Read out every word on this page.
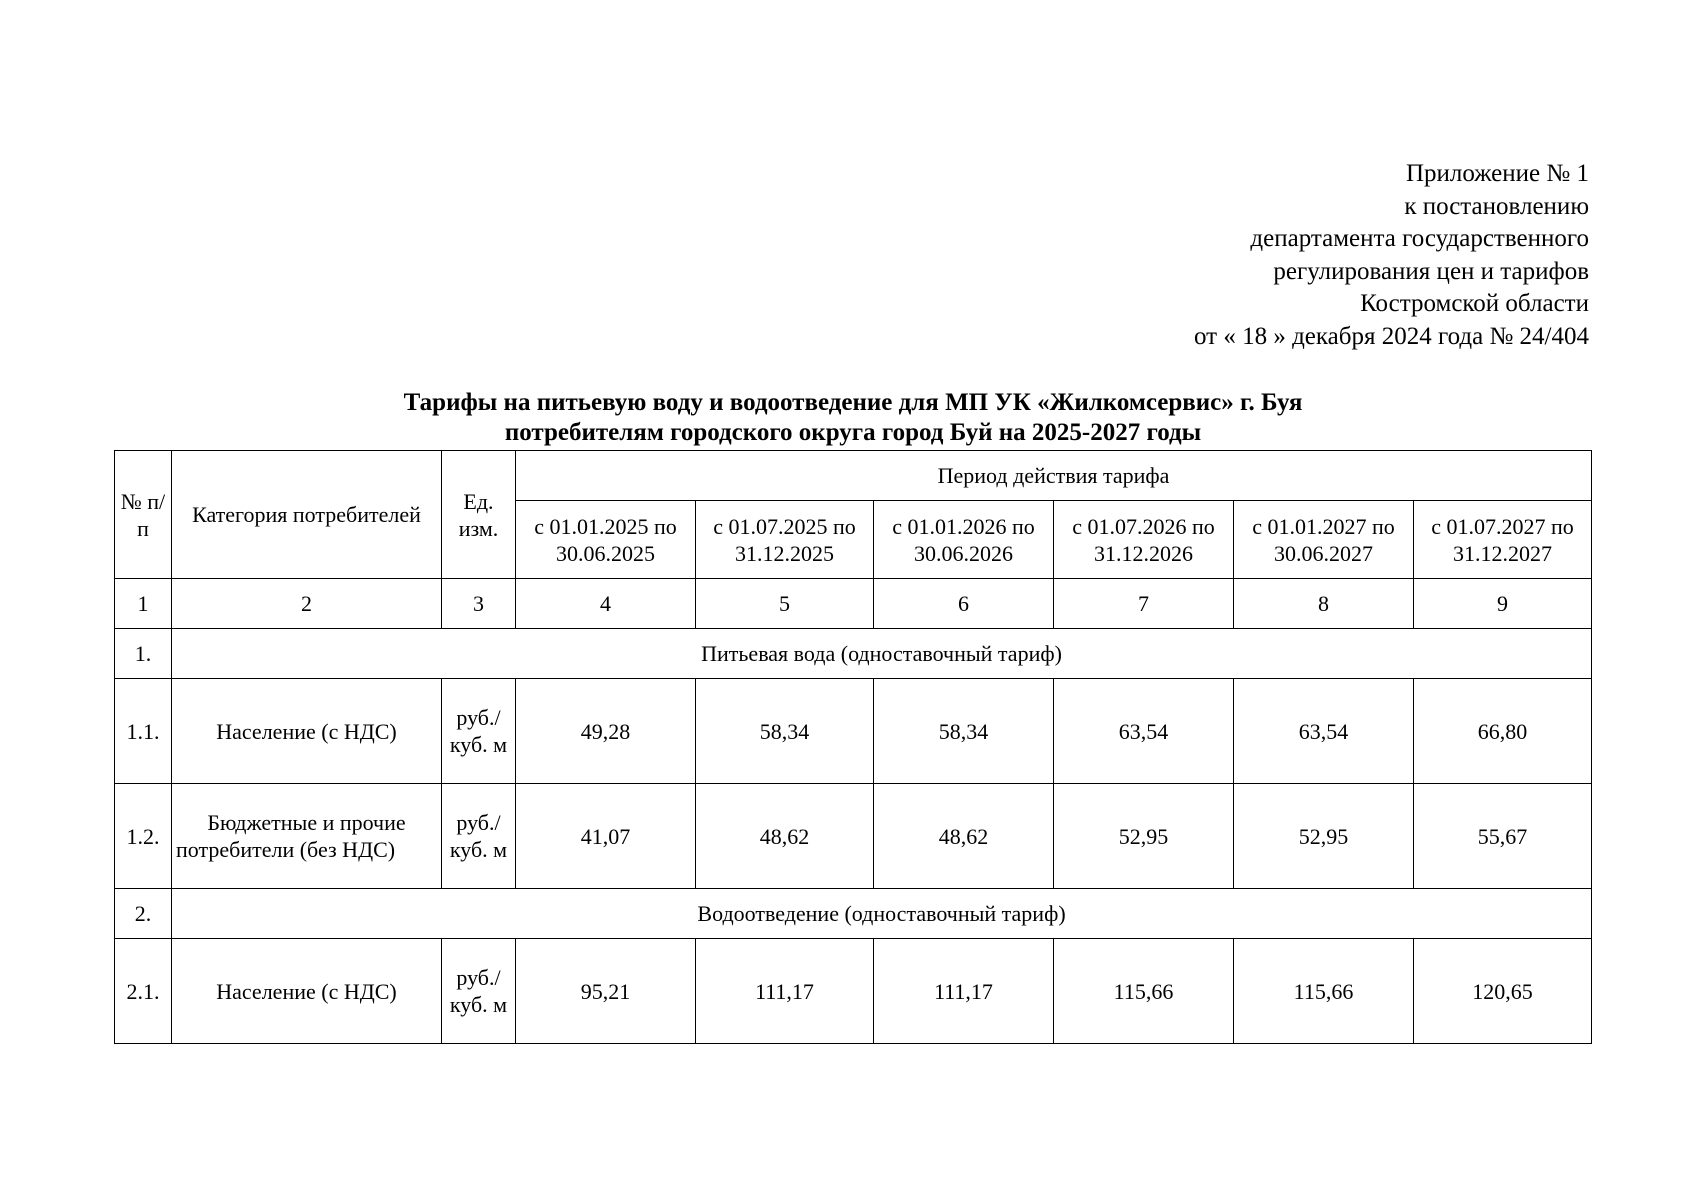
Приложение № 1
к постановлению
департамента государственного
регулирования цен и тарифов
Костромской области
от « 18 » декабря 2024 года № 24/404
Тарифы на питьевую воду и водоотведение для МП УК «Жилкомсервис» г. Буя
потребителям городского округа город Буй на 2025-2027 годы
№ п/п	Категория потребителей	Ед. изм.	Период действия тарифа					
			с 01.01.2025 по 30.06.2025	с 01.07.2025 по 31.12.2025	с 01.01.2026 по 30.06.2026	с 01.07.2026 по 31.12.2026	с 01.01.2027 по 30.06.2027	с 01.07.2027 по 31.12.2027
1	2	3	4	5	6	7	8	9
1.	Питьевая вода (одноставочный тариф)							
1.1.	Население (с НДС)	руб./ куб. м	49,28	58,34	58,34	63,54	63,54	66,80
1.2.	Бюджетные и прочие потребители (без НДС)	руб./ куб. м	41,07	48,62	48,62	52,95	52,95	55,67
2.	Водоотведение (одноставочный тариф)							
2.1.	Население (с НДС)	руб./ куб. м	95,21	111,17	111,17	115,66	115,66	120,65
